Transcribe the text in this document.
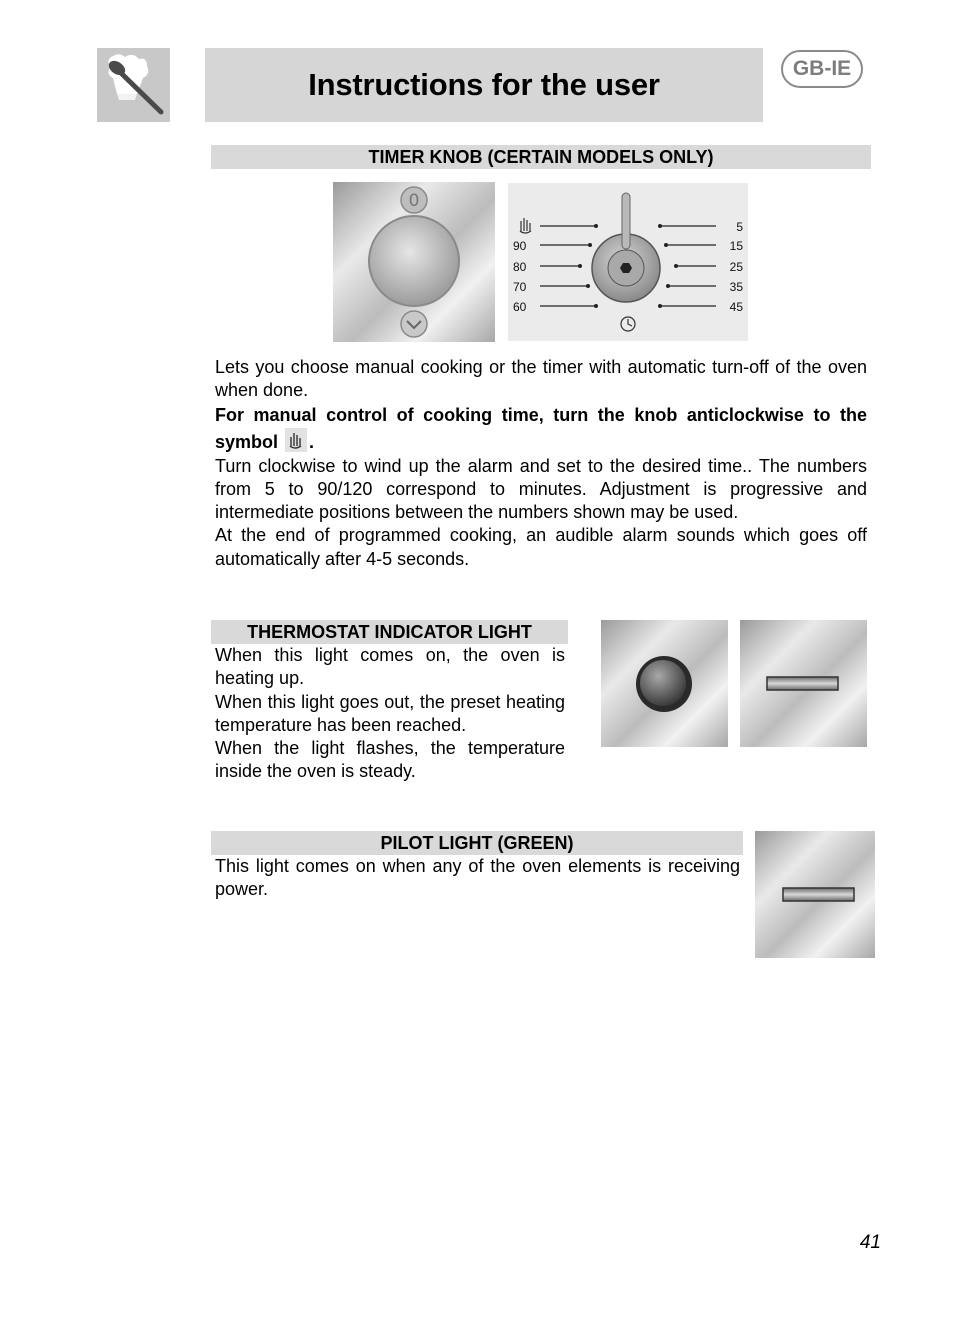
Instructions for the user	GB-IE
TIMER KNOB (CERTAIN MODELS ONLY)
0
90
80
70
60
5
15
25
35
45

Lets you choose manual cooking or the timer with automatic turn-off of the oven when done.

For manual control of cooking time, turn the knob anticlockwise to the symbol .

Turn clockwise to wind up the alarm and set to the desired time.. The numbers from 5 to 90/120 correspond to minutes. Adjustment is progressive and intermediate positions between the numbers shown may be used.

At the end of programmed cooking, an audible alarm sounds which goes off automatically after 4-5 seconds.

THERMOSTAT INDICATOR LIGHT

When this light comes on, the oven is heating up.

When this light goes out, the preset heating temperature has been reached.

When the light flashes, the temperature inside the oven is steady.

PILOT LIGHT (GREEN)

This light comes on when any of the oven elements is receiving power.

41
